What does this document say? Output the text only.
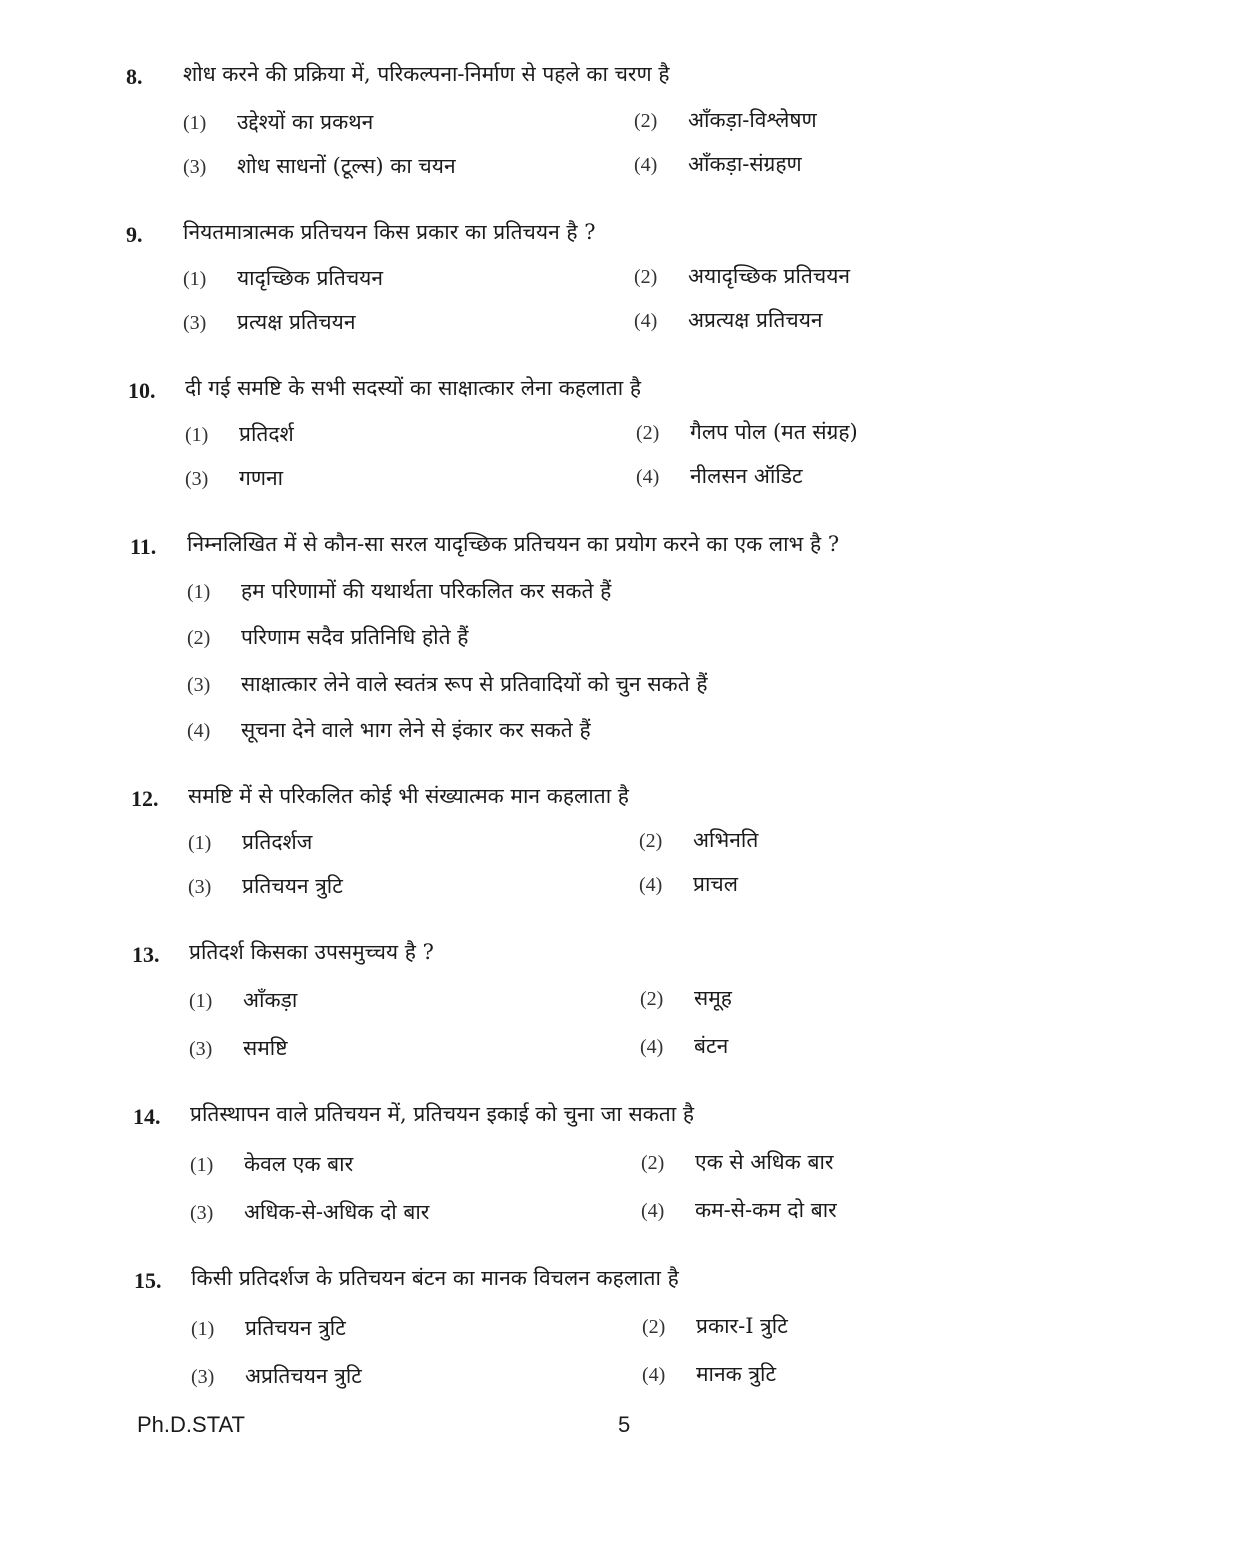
8. शोध करने की प्रक्रिया में, परिकल्पना-निर्माण से पहले का चरण है
(1) उद्देश्यों का प्रकथन	(2) आँकड़ा-विश्लेषण
(3) शोध साधनों (टूल्स) का चयन	(4) आँकड़ा-संग्रहण
9. नियतमात्रात्मक प्रतिचयन किस प्रकार का प्रतिचयन है ?
(1) यादृच्छिक प्रतिचयन	(2) अयादृच्छिक प्रतिचयन
(3) प्रत्यक्ष प्रतिचयन	(4) अप्रत्यक्ष प्रतिचयन
10. दी गई समष्टि के सभी सदस्यों का साक्षात्कार लेना कहलाता है
(1) प्रतिदर्श	(2) गैलप पोल (मत संग्रह)
(3) गणना	(4) नीलसन ऑडिट
11. निम्नलिखित में से कौन-सा सरल यादृच्छिक प्रतिचयन का प्रयोग करने का एक लाभ है ?
(1) हम परिणामों की यथार्थता परिकलित कर सकते हैं
(2) परिणाम सदैव प्रतिनिधि होते हैं
(3) साक्षात्कार लेने वाले स्वतंत्र रूप से प्रतिवादियों को चुन सकते हैं
(4) सूचना देने वाले भाग लेने से इंकार कर सकते हैं
12. समष्टि में से परिकलित कोई भी संख्यात्मक मान कहलाता है
(1) प्रतिदर्शज	(2) अभिनति
(3) प्रतिचयन त्रुटि	(4) प्राचल
13. प्रतिदर्श किसका उपसमुच्चय है ?
(1) आँकड़ा	(2) समूह
(3) समष्टि	(4) बंटन
14. प्रतिस्थापन वाले प्रतिचयन में, प्रतिचयन इकाई को चुना जा सकता है
(1) केवल एक बार	(2) एक से अधिक बार
(3) अधिक-से-अधिक दो बार	(4) कम-से-कम दो बार
15. किसी प्रतिदर्शज के प्रतिचयन बंटन का मानक विचलन कहलाता है
(1) प्रतिचयन त्रुटि	(2) प्रकार-I त्रुटि
(3) अप्रतिचयन त्रुटि	(4) मानक त्रुटि
Ph.D.STAT	5
